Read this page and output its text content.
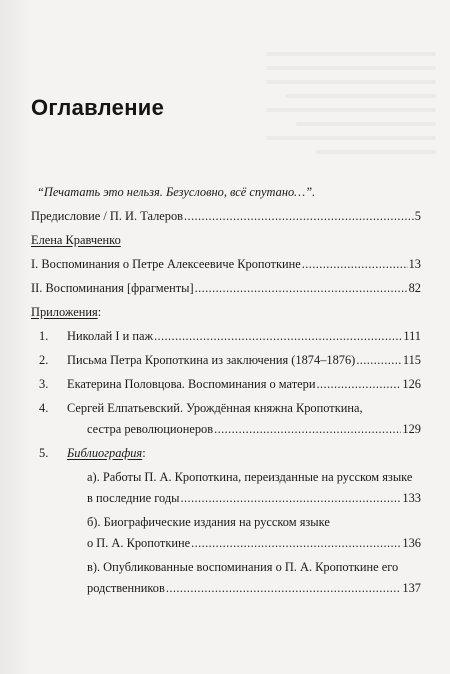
Оглавление
“Печатать это нельзя. Безусловно, всё спутано…”.
Предисловие / П. И. Талеров .....	5
Елена Кравченко
I. Воспоминания о Петре Алексеевиче Кропоткине .....	13
II. Воспоминания [фрагменты] .....	82
Приложения :
1.	Николай I и паж .....	111
2.	Письма Петра Кропоткина из заключения (1874–1876) .....	115
3.	Екатерина Половцова. Воспоминания о матери .....	126
4.	Сергей Елпатьевский. Урождённая княжна Кропоткина,
сестра революционеров .....	129
5.	Библиография:
а). Работы П. А. Кропоткина, переизданные на русском языке
в последние годы .....	133
б). Биографические издания на русском языке
о П. А. Кропоткине .....	136
в). Опубликованные воспоминания о П. А. Кропоткине его
родственников .....	137
